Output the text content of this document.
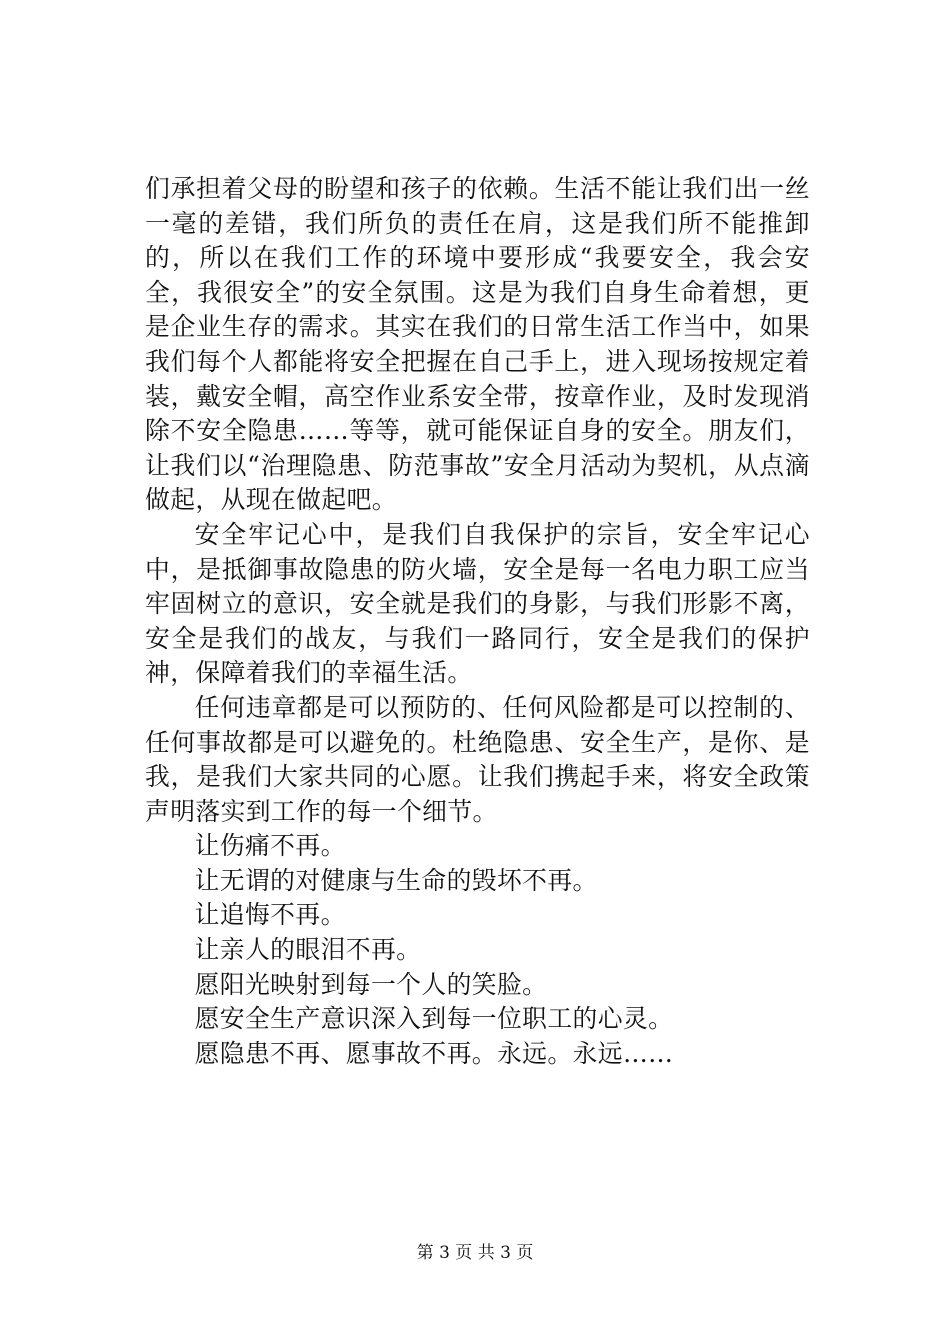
们承担着父母的盼望和孩子的依赖。生活不能让我们出一丝一毫的差错，我们所负的责任在肩，这是我们所不能推卸的，所以在我们工作的环境中要形成“我要安全，我会安全，我很安全”的安全氛围。这是为我们自身生命着想，更是企业生存的需求。其实在我们的日常生活工作当中，如果我们每个人都能将安全把握在自己手上，进入现场按规定着装，戴安全帽，高空作业系安全带，按章作业，及时发现消除不安全隐患……等等，就可能保证自身的安全。朋友们，让我们以“治理隐患、防范事故”安全月活动为契机，从点滴做起，从现在做起吧。

安全牢记心中，是我们自我保护的宗旨，安全牢记心中，是抵御事故隐患的防火墙，安全是每一名电力职工应当牢固树立的意识，安全就是我们的身影，与我们形影不离，安全是我们的战友，与我们一路同行，安全是我们的保护神，保障着我们的幸福生活。

任何违章都是可以预防的、任何风险都是可以控制的、任何事故都是可以避免的。杜绝隐患、安全生产，是你、是我，是我们大家共同的心愿。让我们携起手来，将安全政策声明落实到工作的每一个细节。

让伤痛不再。

让无谓的对健康与生命的毁坏不再。

让追悔不再。

让亲人的眼泪不再。

愿阳光映射到每一个人的笑脸。

愿安全生产意识深入到每一位职工的心灵。

愿隐患不再、愿事故不再。永远。永远……

第 3 页 共 3 页
